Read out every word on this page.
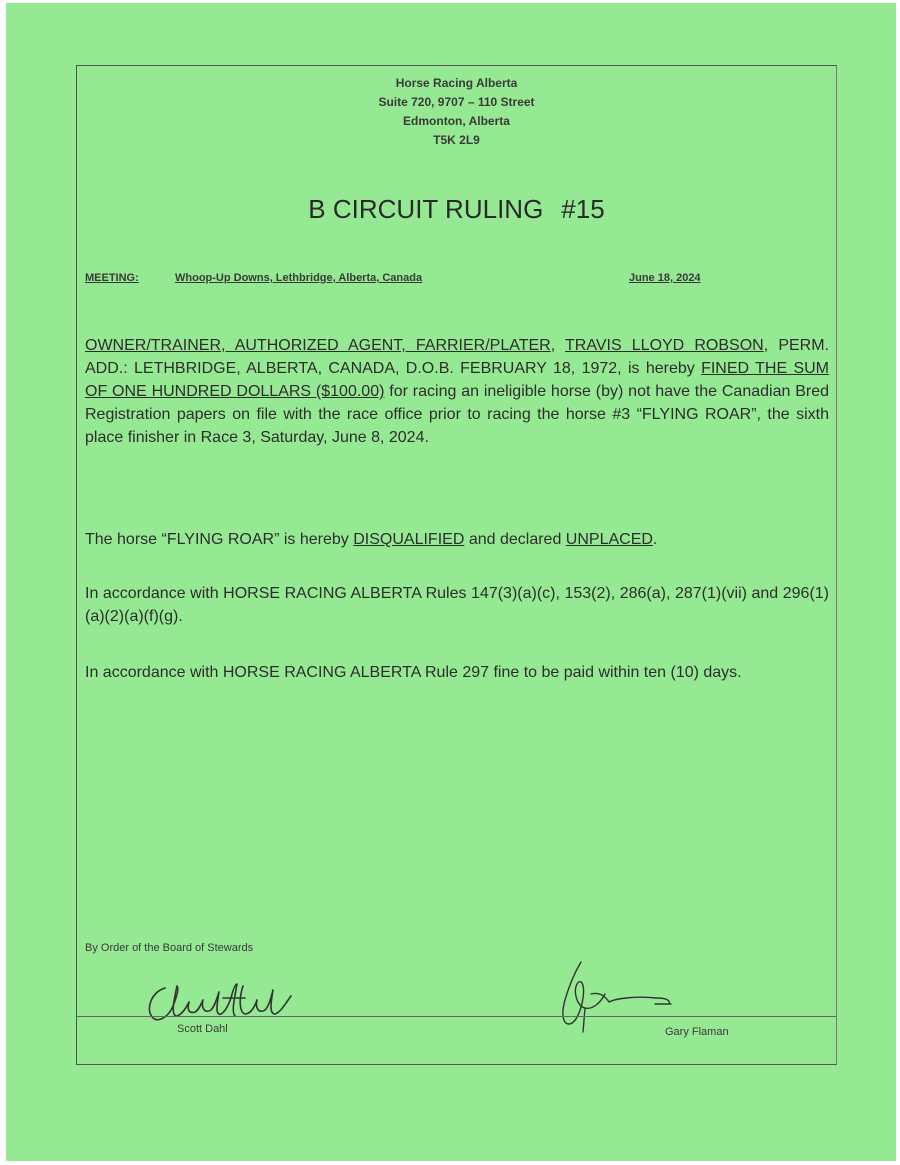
Horse Racing Alberta
Suite 720, 9707 – 110 Street
Edmonton, Alberta
T5K 2L9
B CIRCUIT RULING #15
MEETING:	Whoop-Up Downs, Lethbridge, Alberta, Canada	June 18, 2024
OWNER/TRAINER, AUTHORIZED AGENT, FARRIER/PLATER, TRAVIS LLOYD ROBSON, PERM. ADD.: LETHBRIDGE, ALBERTA, CANADA, D.O.B. FEBRUARY 18, 1972, is hereby FINED THE SUM OF ONE HUNDRED DOLLARS ($100.00) for racing an ineligible horse (by) not have the Canadian Bred Registration papers on file with the race office prior to racing the horse #3 “FLYING ROAR”, the sixth place finisher in Race 3, Saturday, June 8, 2024.
The horse “FLYING ROAR” is hereby DISQUALIFIED and declared UNPLACED.
In accordance with HORSE RACING ALBERTA Rules 147(3)(a)(c), 153(2), 286(a), 287(1)(vii) and 296(1)(a)(2)(a)(f)(g).
In accordance with HORSE RACING ALBERTA Rule 297 fine to be paid within ten (10) days.
By Order of the Board of Stewards
Scott Dahl	Gary Flaman
